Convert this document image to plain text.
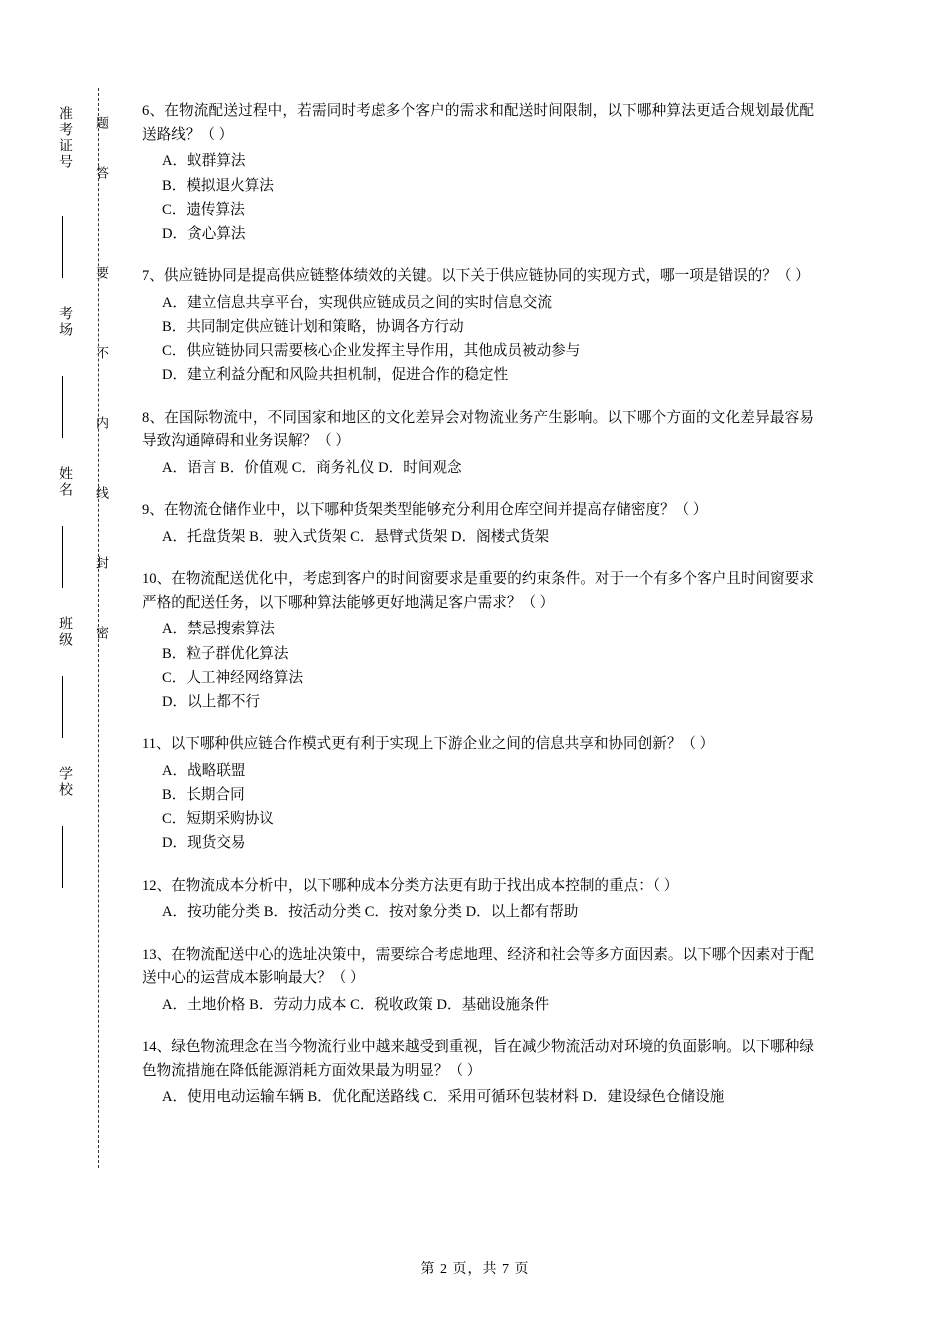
准考证号
考场
姓名
班级
学校
题
答
要
不
内
线
封
密
6、在物流配送过程中，若需同时考虑多个客户的需求和配送时间限制，以下哪种算法更适合规划最优配送路线？（ ）
A．蚁群算法
B．模拟退火算法
C．遗传算法
D．贪心算法
7、供应链协同是提高供应链整体绩效的关键。以下关于供应链协同的实现方式，哪一项是错误的？（ ）
A．建立信息共享平台，实现供应链成员之间的实时信息交流
B．共同制定供应链计划和策略，协调各方行动
C．供应链协同只需要核心企业发挥主导作用，其他成员被动参与
D．建立利益分配和风险共担机制，促进合作的稳定性
8、在国际物流中，不同国家和地区的文化差异会对物流业务产生影响。以下哪个方面的文化差异最容易导致沟通障碍和业务误解？（ ）
A．语言 B．价值观 C．商务礼仪 D．时间观念
9、在物流仓储作业中，以下哪种货架类型能够充分利用仓库空间并提高存储密度？（ ）
A．托盘货架 B．驶入式货架 C．悬臂式货架 D．阁楼式货架
10、在物流配送优化中，考虑到客户的时间窗要求是重要的约束条件。对于一个有多个客户且时间窗要求严格的配送任务，以下哪种算法能够更好地满足客户需求？（ ）
A．禁忌搜索算法
B．粒子群优化算法
C．人工神经网络算法
D．以上都不行
11、以下哪种供应链合作模式更有利于实现上下游企业之间的信息共享和协同创新？（ ）
A．战略联盟
B．长期合同
C．短期采购协议
D．现货交易
12、在物流成本分析中，以下哪种成本分类方法更有助于找出成本控制的重点：（ ）
A．按功能分类 B．按活动分类 C．按对象分类 D．以上都有帮助
13、在物流配送中心的选址决策中，需要综合考虑地理、经济和社会等多方面因素。以下哪个因素对于配送中心的运营成本影响最大？（ ）
A．土地价格 B．劳动力成本 C．税收政策 D．基础设施条件
14、绿色物流理念在当今物流行业中越来越受到重视，旨在减少物流活动对环境的负面影响。以下哪种绿色物流措施在降低能源消耗方面效果最为明显？（ ）
A．使用电动运输车辆 B．优化配送路线 C．采用可循环包装材料 D．建设绿色仓储设施
第 2 页，共 7 页
